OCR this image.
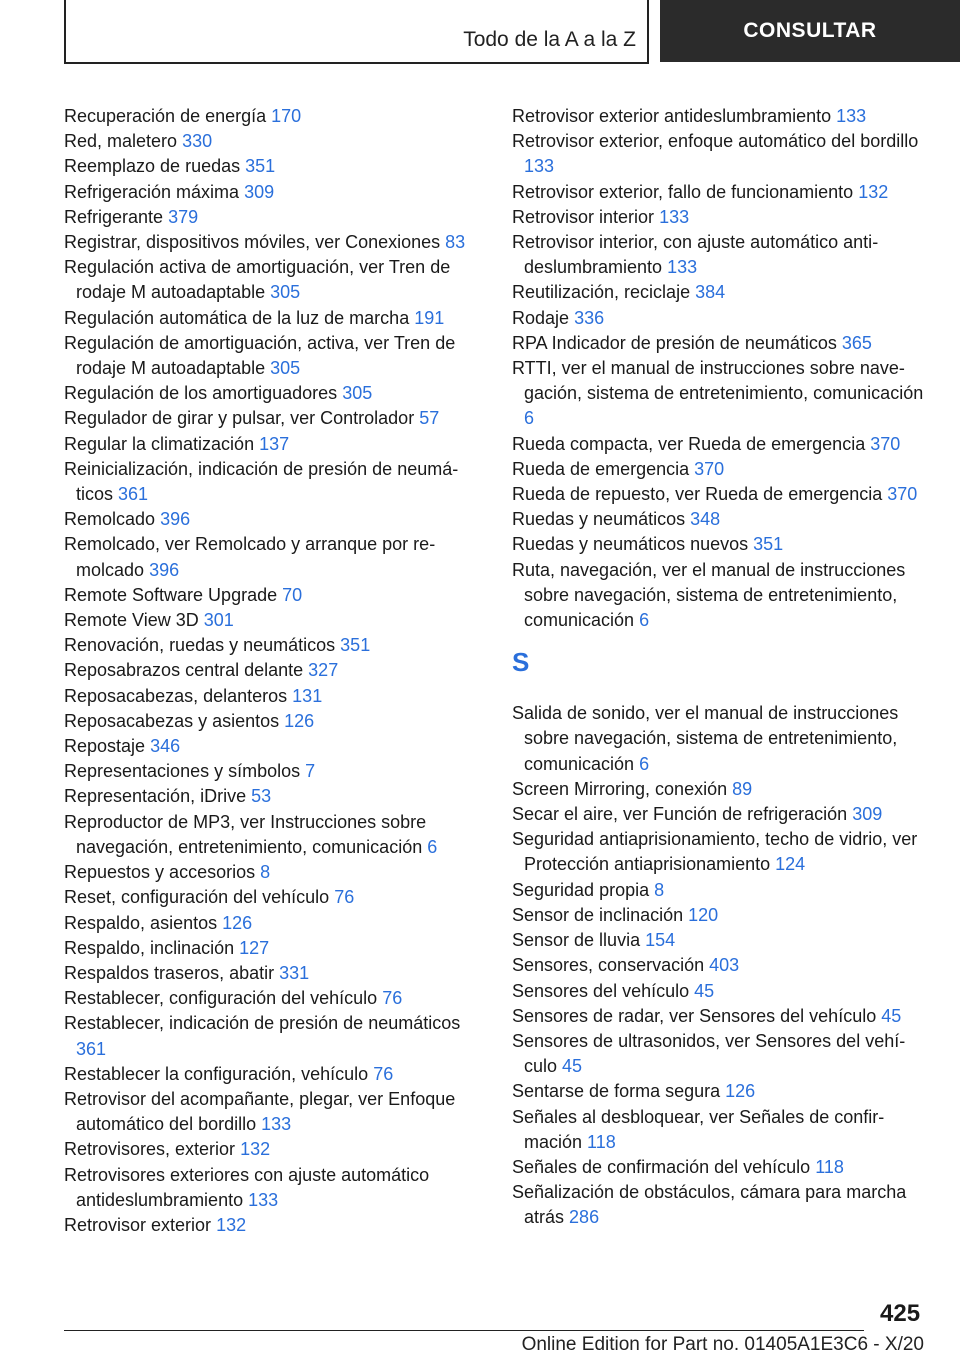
Todo de la A a la Z	CONSULTAR
Recuperación de energía 170
Red, maletero 330
Reemplazo de ruedas 351
Refrigeración máxima 309
Refrigerante 379
Registrar, dispositivos móviles, ver Conexiones 83
Regulación activa de amortiguación, ver Tren de rodaje M autoadaptable 305
Regulación automática de la luz de marcha 191
Regulación de amortiguación, activa, ver Tren de rodaje M autoadaptable 305
Regulación de los amortiguadores 305
Regulador de girar y pulsar, ver Controlador 57
Regular la climatización 137
Reinicialización, indicación de presión de neumáticos 361
Remolcado 396
Remolcado, ver Remolcado y arranque por remolcado 396
Remote Software Upgrade 70
Remote View 3D 301
Renovación, ruedas y neumáticos 351
Reposabrazos central delante 327
Reposacabezas, delanteros 131
Reposacabezas y asientos 126
Repostaje 346
Representaciones y símbolos 7
Representación, iDrive 53
Reproductor de MP3, ver Instrucciones sobre navegación, entretenimiento, comunicación 6
Repuestos y accesorios 8
Reset, configuración del vehículo 76
Respaldo, asientos 126
Respaldo, inclinación 127
Respaldos traseros, abatir 331
Restablecer, configuración del vehículo 76
Restablecer, indicación de presión de neumáticos 361
Restablecer la configuración, vehículo 76
Retrovisor del acompañante, plegar, ver Enfoque automático del bordillo 133
Retrovisores, exterior 132
Retrovisores exteriores con ajuste automático antideslumbramiento 133
Retrovisor exterior 132
Retrovisor exterior antideslumbramiento 133
Retrovisor exterior, enfoque automático del bordillo 133
Retrovisor exterior, fallo de funcionamiento 132
Retrovisor interior 133
Retrovisor interior, con ajuste automático antideslumbramiento 133
Reutilización, reciclaje 384
Rodaje 336
RPA Indicador de presión de neumáticos 365
RTTI, ver el manual de instrucciones sobre navegación, sistema de entretenimiento, comunicación 6
Rueda compacta, ver Rueda de emergencia 370
Rueda de emergencia 370
Rueda de repuesto, ver Rueda de emergencia 370
Ruedas y neumáticos 348
Ruedas y neumáticos nuevos 351
Ruta, navegación, ver el manual de instrucciones sobre navegación, sistema de entretenimiento, comunicación 6
S
Salida de sonido, ver el manual de instrucciones sobre navegación, sistema de entretenimiento, comunicación 6
Screen Mirroring, conexión 89
Secar el aire, ver Función de refrigeración 309
Seguridad antiaprisionamiento, techo de vidrio, ver Protección antiaprisionamiento 124
Seguridad propia 8
Sensor de inclinación 120
Sensor de lluvia 154
Sensores, conservación 403
Sensores del vehículo 45
Sensores de radar, ver Sensores del vehículo 45
Sensores de ultrasonidos, ver Sensores del vehículo 45
Sentarse de forma segura 126
Señales al desbloquear, ver Señales de confirmación 118
Señales de confirmación del vehículo 118
Señalización de obstáculos, cámara para marcha atrás 286
425
Online Edition for Part no. 01405A1E3C6 - X/20
